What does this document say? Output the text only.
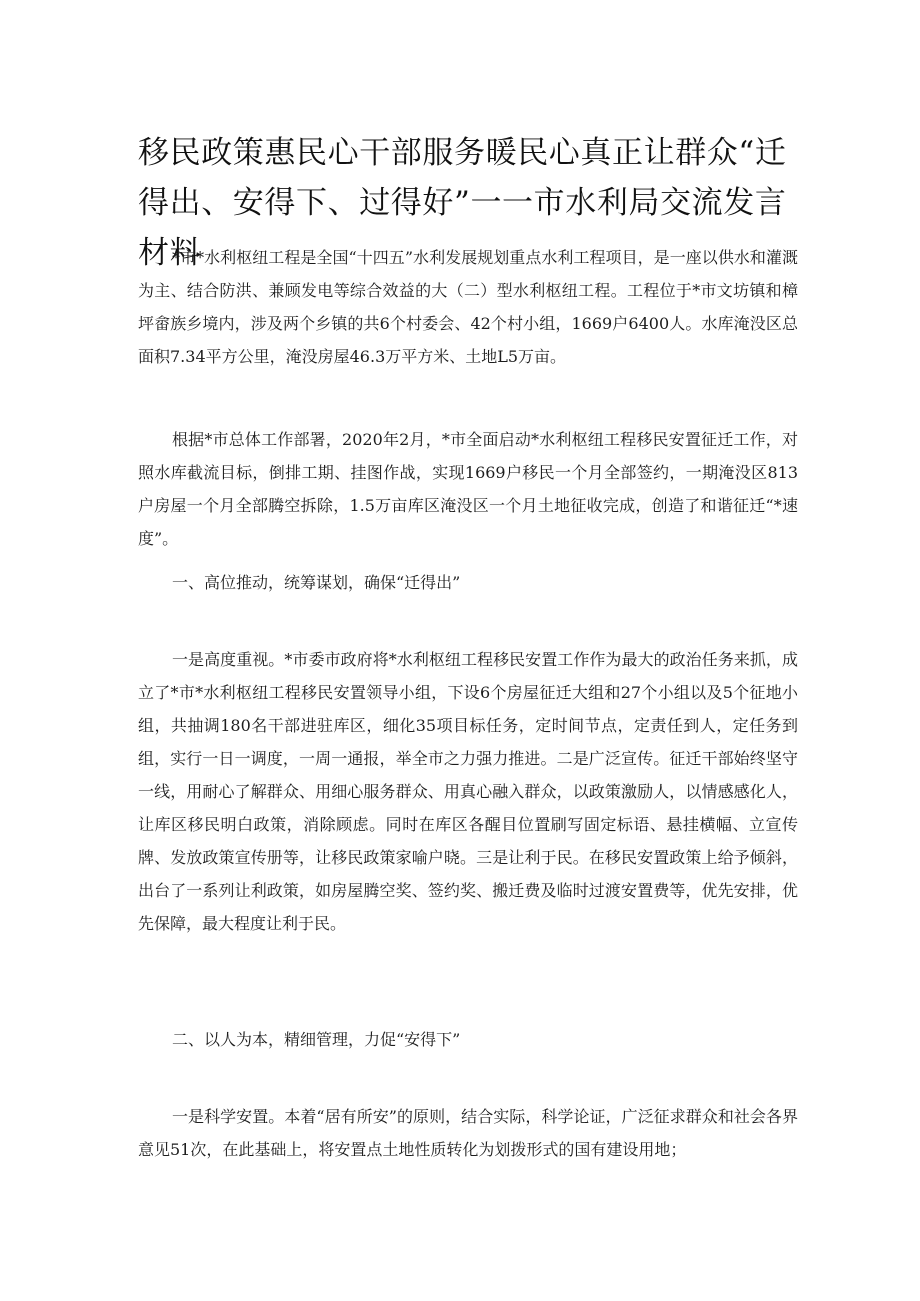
移民政策惠民心干部服务暖民心真正让群众“迁得出、安得下、过得好”一一市水利局交流发言材料

*市*水利枢纽工程是全国“十四五”水利发展规划重点水利工程项目，是一座以供水和灌溉为主、结合防洪、兼顾发电等综合效益的大（二）型水利枢纽工程。工程位于*市文坊镇和樟坪畲族乡境内，涉及两个乡镇的共6个村委会、42个村小组，1669户6400人。水库淹没区总面积7.34平方公里，淹没房屋46.3万平方米、土地L5万亩。

根据*市总体工作部署，2020年2月，*市全面启动*水利枢纽工程移民安置征迁工作，对照水库截流目标，倒排工期、挂图作战，实现1669户移民一个月全部签约，一期淹没区813户房屋一个月全部腾空拆除，1.5万亩库区淹没区一个月土地征收完成，创造了和谐征迁“*速度”。

一、高位推动，统筹谋划，确保“迁得出”

一是高度重视。*市委市政府将*水利枢纽工程移民安置工作作为最大的政治任务来抓，成立了*市*水利枢纽工程移民安置领导小组，下设6个房屋征迁大组和27个小组以及5个征地小组，共抽调180名干部进驻库区，细化35项目标任务，定时间节点，定责任到人，定任务到组，实行一日一调度，一周一通报，举全市之力强力推进。二是广泛宣传。征迁干部始终坚守一线，用耐心了解群众、用细心服务群众、用真心融入群众，以政策激励人，以情感感化人，让库区移民明白政策，消除顾虑。同时在库区各醒目位置刷写固定标语、悬挂横幅、立宣传牌、发放政策宣传册等，让移民政策家喻户晓。三是让利于民。在移民安置政策上给予倾斜，出台了一系列让利政策，如房屋腾空奖、签约奖、搬迁费及临时过渡安置费等，优先安排，优先保障，最大程度让利于民。

二、以人为本，精细管理，力促“安得下”

一是科学安置。本着“居有所安”的原则，结合实际，科学论证，广泛征求群众和社会各界意见51次，在此基础上，将安置点土地性质转化为划拨形式的国有建设用地；
